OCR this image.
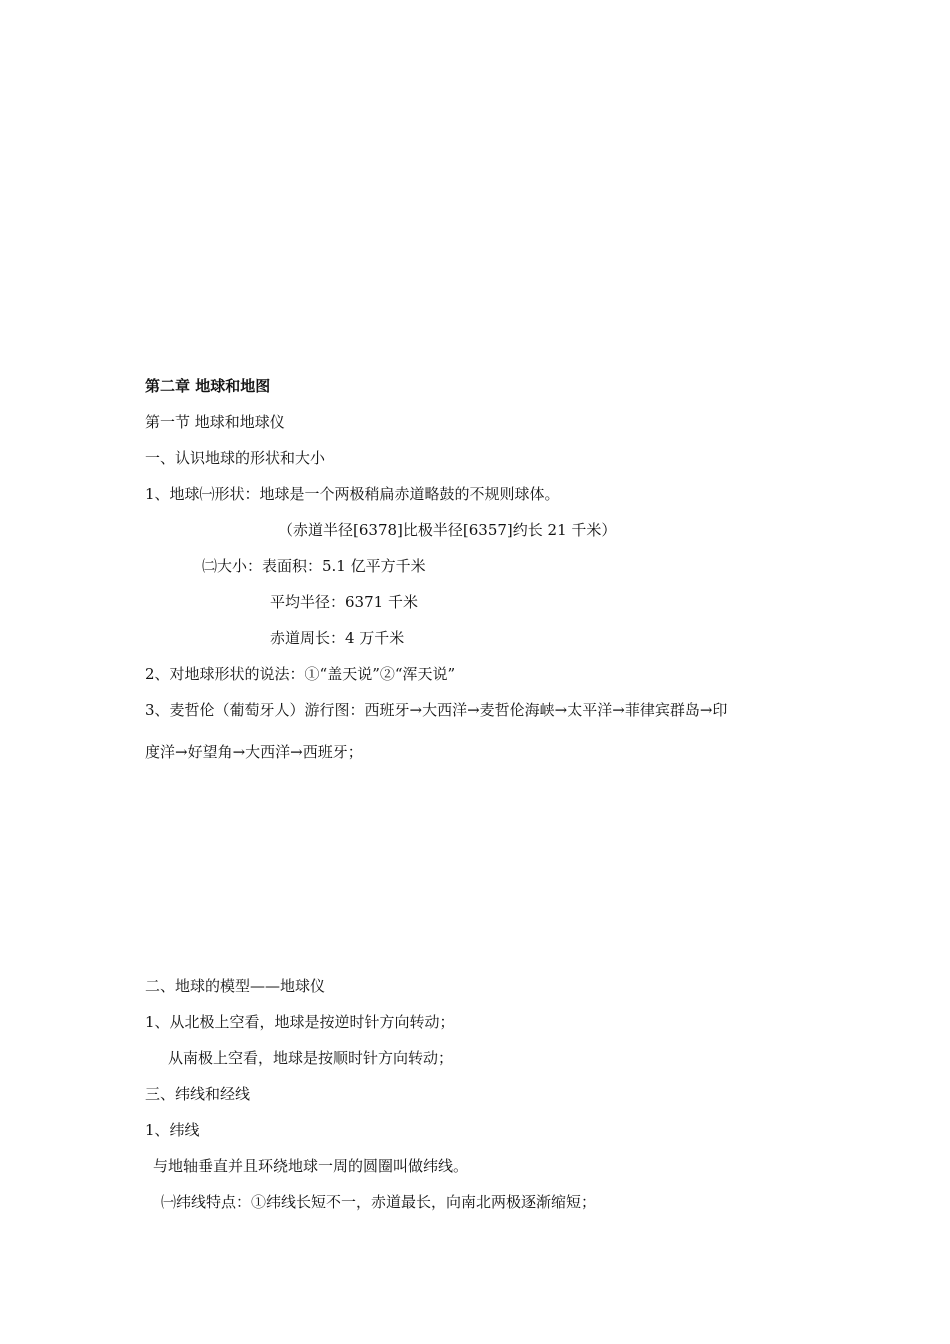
第二章 地球和地图
第一节 地球和地球仪
一、认识地球的形状和大小
1、地球㈠形状：地球是一个两极稍扁赤道略鼓的不规则球体。
（赤道半径[6378]比极半径[6357]约长 21 千米）
㈡大小：表面积：5.1 亿平方千米
平均半径：6371 千米
赤道周长：4 万千米
2、对地球形状的说法：①“盖天说”②“浑天说”
3、麦哲伦（葡萄牙人）游行图：西班牙→大西洋→麦哲伦海峡→太平洋→菲律宾群岛→印
度洋→好望角→大西洋→西班牙；
二、地球的模型——地球仪
1、从北极上空看，地球是按逆时针方向转动；
从南极上空看，地球是按顺时针方向转动；
三、纬线和经线
1、纬线
与地轴垂直并且环绕地球一周的圆圈叫做纬线。
㈠纬线特点：①纬线长短不一，赤道最长，向南北两极逐渐缩短；
